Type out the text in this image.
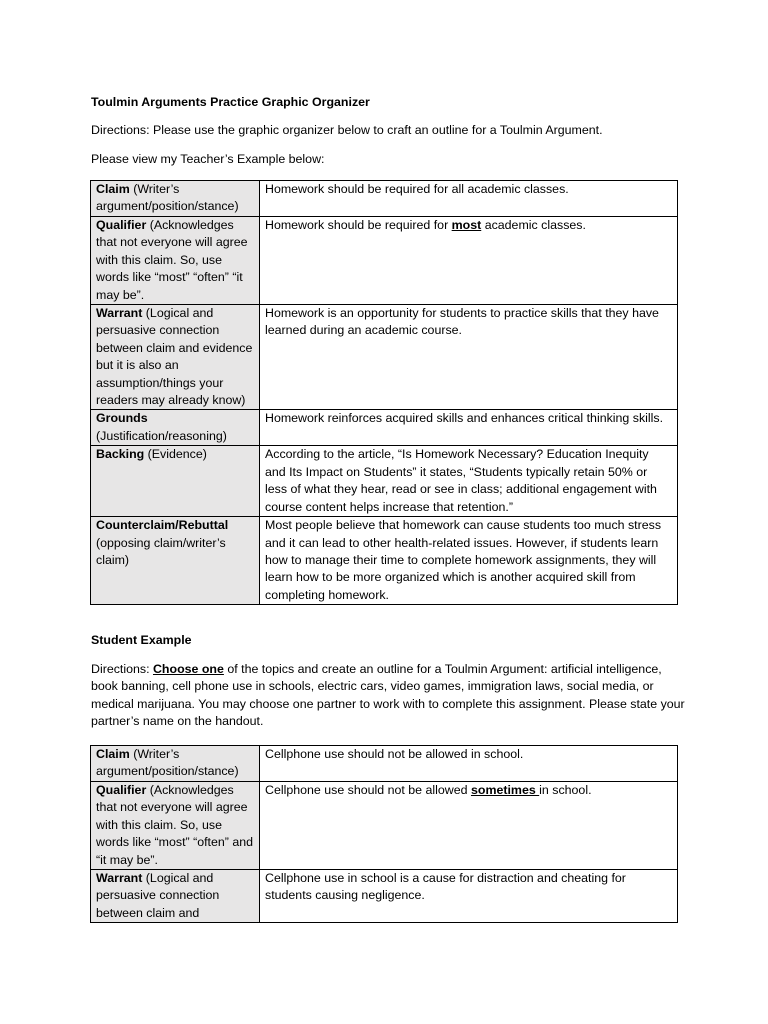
Toulmin Arguments Practice Graphic Organizer
Directions: Please use the graphic organizer below to craft an outline for a Toulmin Argument.
Please view my Teacher’s Example below:
Claim (Writer’s argument/position/stance)	Homework should be required for all academic classes.
Qualifier (Acknowledges that not everyone will agree with this claim. So, use words like “most” “often” “it may be”.	Homework should be required for most academic classes.
Warrant (Logical and persuasive connection between claim and evidence but it is also an assumption/things your readers may already know)	Homework is an opportunity for students to practice skills that they have learned during an academic course.
Grounds (Justification/reasoning)	Homework reinforces acquired skills and enhances critical thinking skills.
Backing (Evidence)	According to the article, “Is Homework Necessary? Education Inequity and Its Impact on Students” it states, “Students typically retain 50% or less of what they hear, read or see in class; additional engagement with course content helps increase that retention.”
Counterclaim/Rebuttal (opposing claim/writer’s claim)	Most people believe that homework can cause students too much stress and it can lead to other health-related issues. However, if students learn how to manage their time to complete homework assignments, they will learn how to be more organized which is another acquired skill from completing homework.
Student Example
Directions: Choose one of the topics and create an outline for a Toulmin Argument: artificial intelligence, book banning, cell phone use in schools, electric cars, video games, immigration laws, social media, or medical marijuana. You may choose one partner to work with to complete this assignment. Please state your partner’s name on the handout.
Claim (Writer’s argument/position/stance)	Cellphone use should not be allowed in school.
Qualifier (Acknowledges that not everyone will agree with this claim. So, use words like “most” “often” and “it may be”.	Cellphone use should not be allowed sometimes in school.
Warrant (Logical and persuasive connection between claim and	Cellphone use in school is a cause for distraction and cheating for students causing negligence.
